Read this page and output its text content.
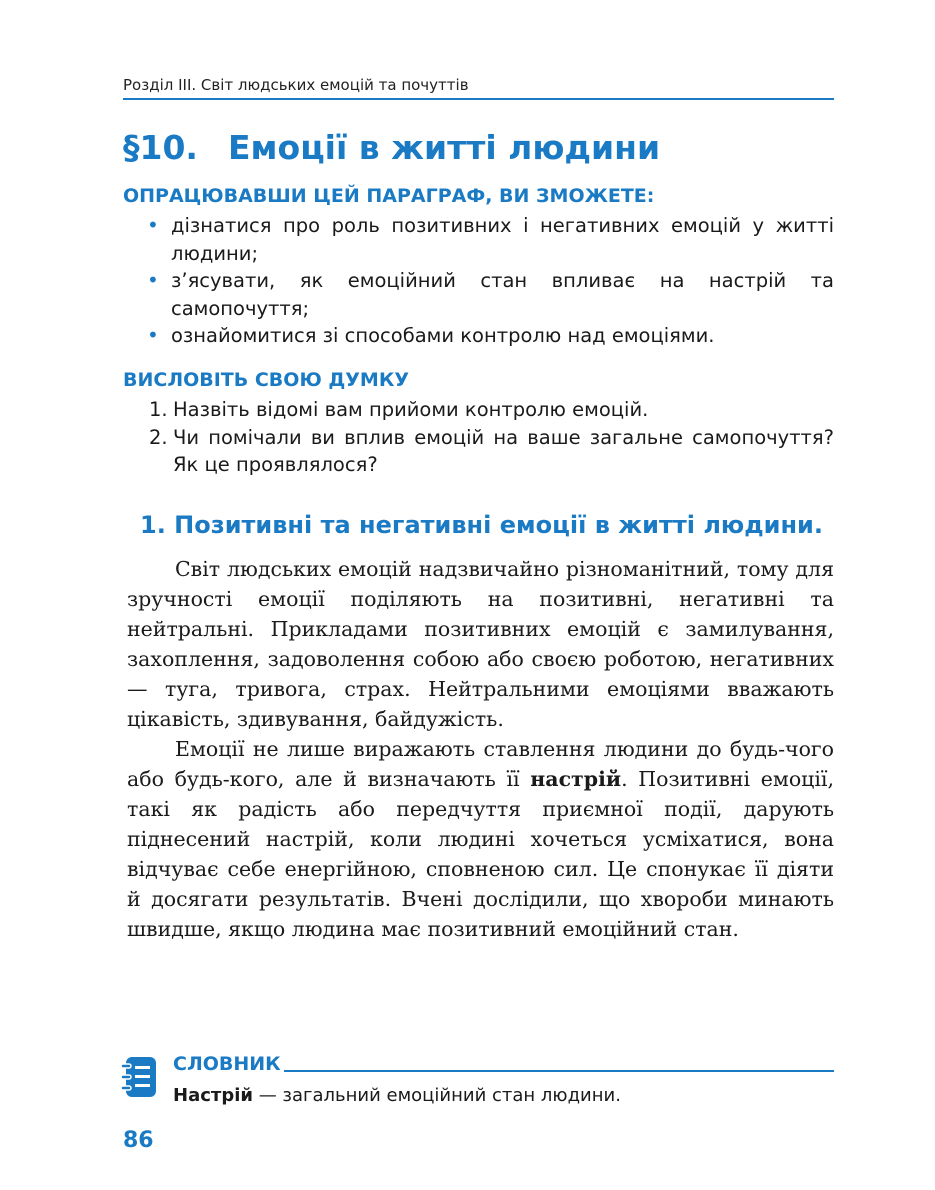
Розділ ІІІ. Світ людських емоцій та почуттів
§10. Емоції в житті людини
ОПРАЦЮВАВШИ ЦЕЙ ПАРАГРАФ, ВИ ЗМОЖЕТЕ:
• дізнатися про роль позитивних і негативних емоцій у житті людини;
• з’ясувати, як емоційний стан впливає на настрій та самопочуття;
• ознайомитися зі способами контролю над емоціями.
ВИСЛОВІТЬ СВОЮ ДУМКУ
1. Назвіть відомі вам прийоми контролю емоцій.
2. Чи помічали ви вплив емоцій на ваше загальне самопочуття? Як це проявлялося?
1. Позитивні та негативні емоції в житті людини.

Світ людських емоцій надзвичайно різноманітний, тому для зручності емоції поділяють на позитивні, негативні та нейтральні. Прикладами позитивних емоцій є замилування, захоплення, задоволення собою або своєю роботою, негативних — туга, тривога, страх. Нейтральними емоціями вважають цікавість, здивування, байдужість.

Емоції не лише виражають ставлення людини до будь-чого або будь-кого, але й визначають її настрій. Позитивні емоції, такі як радість або передчуття приємної події, дарують піднесений настрій, коли людині хочеться усміхатися, вона відчуває себе енергійною, сповненою сил. Це спонукає її діяти й досягати результатів. Вчені дослідили, що хвороби минають швидше, якщо людина має позитивний емоційний стан.

СЛОВНИК
Настрій — загальний емоційний стан людини.
86
